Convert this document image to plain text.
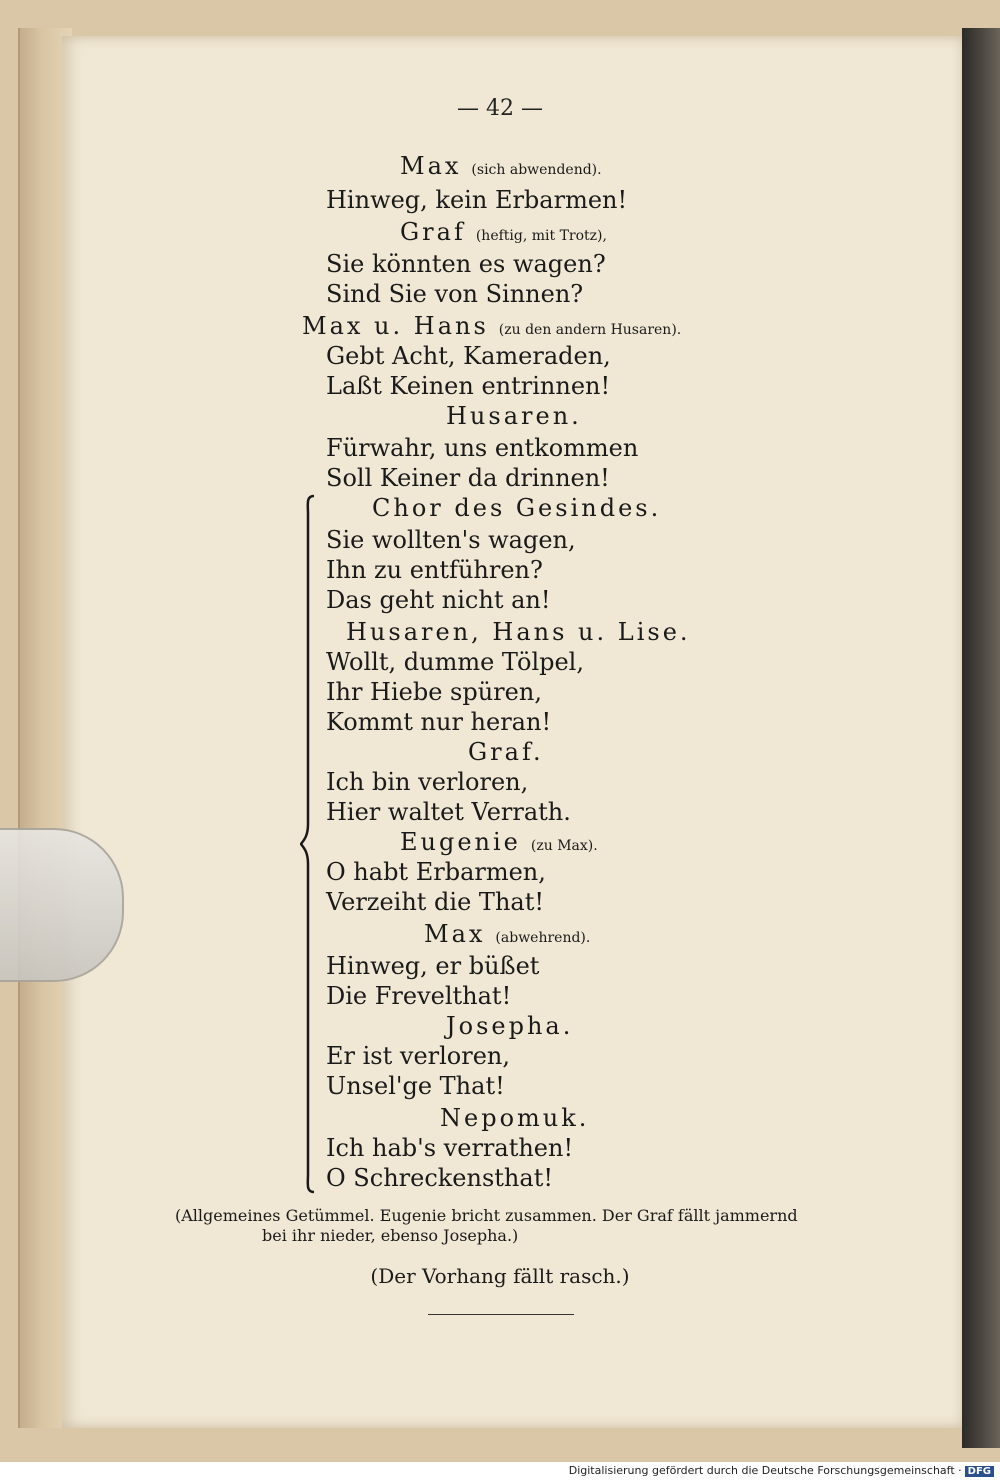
— 42 —
Max (sich abwendend).
Hinweg, kein Erbarmen!
Graf (heftig, mit Trotz),
Sie könnten es wagen?
Sind Sie von Sinnen?
Max u. Hans (zu den andern Husaren).
Gebt Acht, Kameraden,
Laßt Keinen entrinnen!
Husaren.
Fürwahr, uns entkommen
Soll Keiner da drinnen!
Chor des Gesindes.
Sie wollten's wagen,
Ihn zu entführen?
Das geht nicht an!
Husaren, Hans u. Lise.
Wollt, dumme Tölpel,
Ihr Hiebe spüren,
Kommt nur heran!
Graf.
Ich bin verloren,
Hier waltet Verrath.
Eugenie (zu Max).
O habt Erbarmen,
Verzeiht die That!
Max (abwehrend).
Hinweg, er büßet
Die Frevelthat!
Josepha.
Er ist verloren,
Unsel'ge That!
Nepomuk.
Ich hab's verrathen!
O Schreckensthat!
(Allgemeines Getümmel. Eugenie bricht zusammen. Der Graf fällt jammernd
bei ihr nieder, ebenso Josepha.)
(Der Vorhang fällt rasch.)
Digitalisierung gefördert durch die Deutsche Forschungsgemeinschaft · DFG
